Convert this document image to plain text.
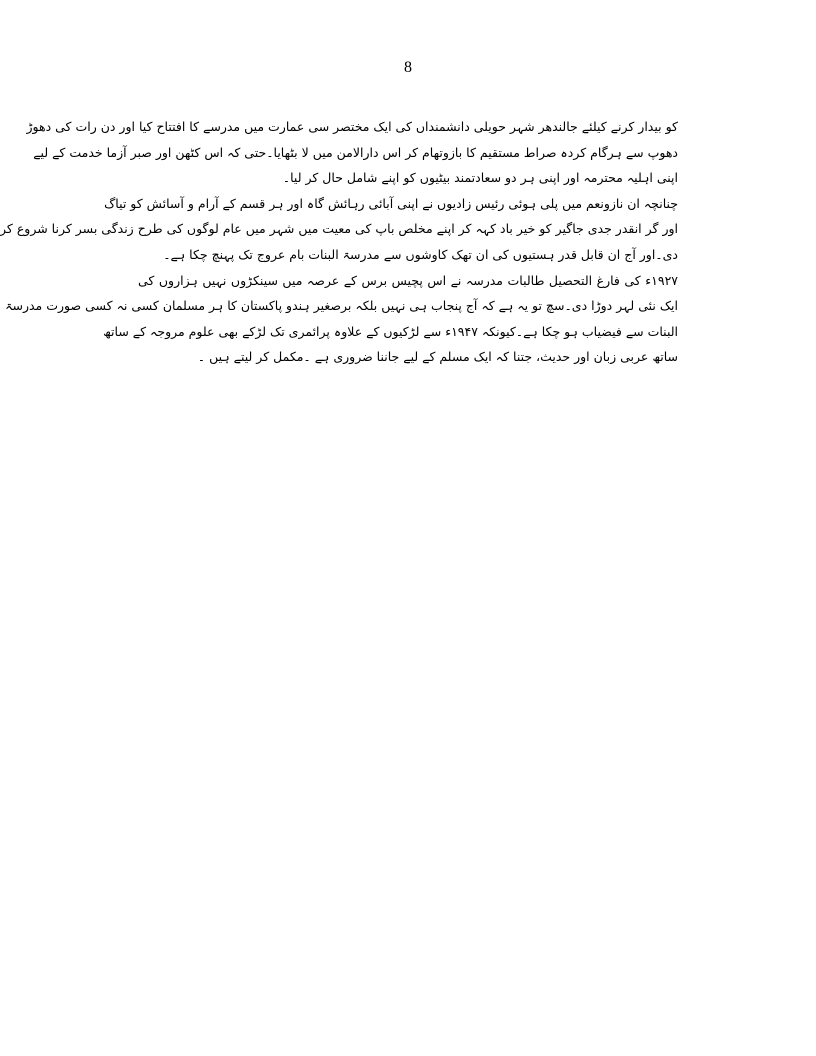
8
کو بیدار کرنے کیلئے جالندھر شہر حویلی دانشمنداں کی ایک مختصر سی عمارت میں مدرسے کا افتتاح کیا اور دن رات کی دھوڑ
دھوپ سے ہرگام کردہ صراط مستقیم کا بازوتھام کر اس دارالامن میں لا بٹھایا۔حتی کہ اس کٹھن اور صبر آزما خدمت کے لیے
اپنی اہلیہ محترمہ اور اپنی ہر دو سعادتمند بیٹیوں کو اپنے شامل حال کر لیا۔
چنانچہ ان نازونعم میں پلی ہوئی رئیس زادیوں نے اپنی آبائی رہائش گاہ اور ہر قسم کے آرام و آسائش کو تیاگ
اور گر انقدر جدی جاگیر کو خیر باد کہہ کر اپنے مخلص باپ کی معیت میں شہر میں عام لوگوں کی طرح زندگی بسر کرنا شروع کر
دی۔اور آج ان قابل قدر ہستیوں کی ان تھک کاوشوں سے مدرسۃ البنات بام عروج تک پہنچ چکا ہے۔
۱۹۲۷ء کی فارغ التحصیل طالبات مدرسہ نے اس پچیس برس کے عرصہ میں سینکڑوں نہیں ہزاروں کی
ایک نئی لہر دوڑا دی۔سچ تو یہ ہے کہ آج پنجاب ہی نہیں بلکہ برصغیر ہندو پاکستان کا ہر مسلمان کسی نہ کسی صورت مدرسۃ
البنات سے فیضیاب ہو چکا ہے۔کیونکہ ۱۹۴۷ء سے لڑکیوں کے علاوہ پرائمری تک لڑکے بھی علوم مروجہ کے ساتھ
ساتھ عربی زبان اور حدیث، جتنا کہ ایک مسلم کے لیے جاننا ضروری ہے ۔مکمل کر لیتے ہیں ۔
